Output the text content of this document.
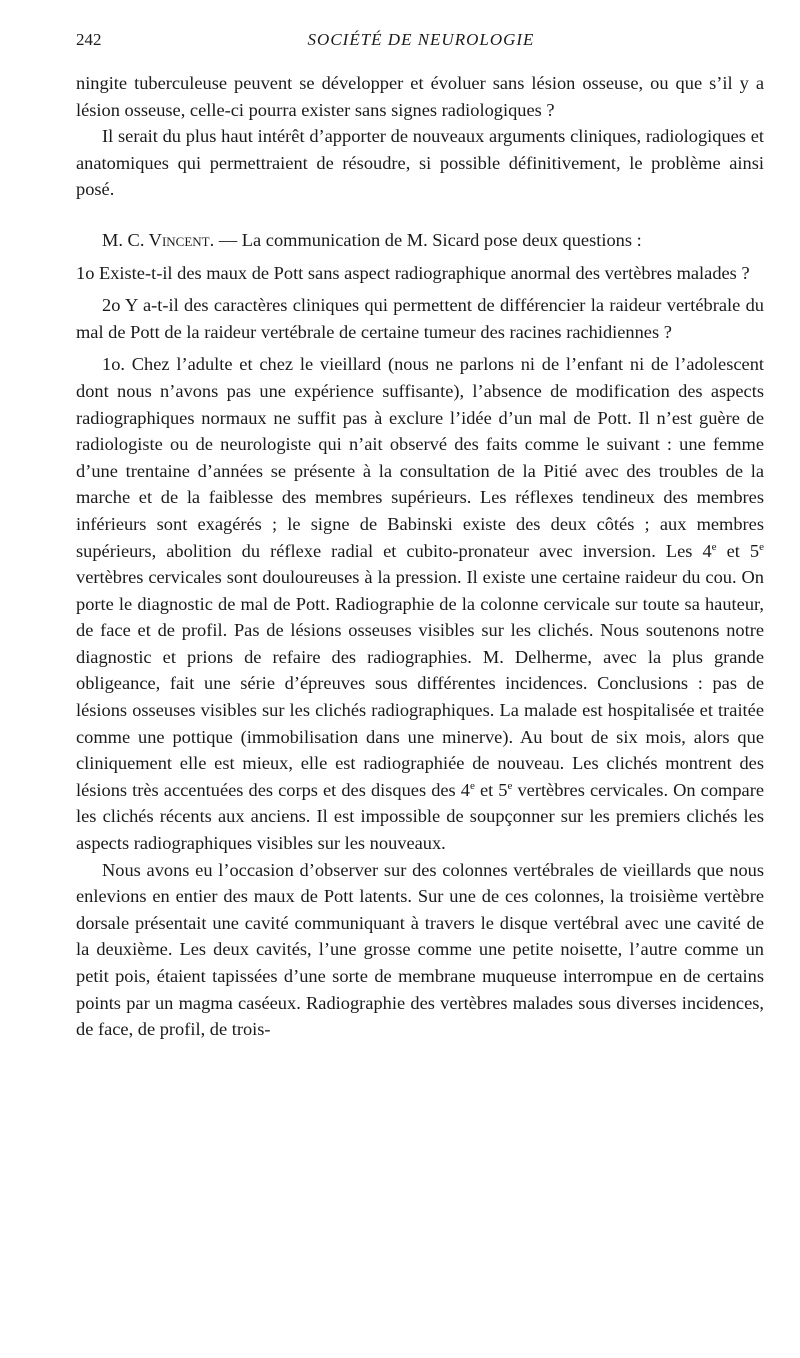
242	SOCIÉTÉ DE NEUROLOGIE

ningite tuberculeuse peuvent se développer et évoluer sans lésion osseuse, ou que s’il y a lésion osseuse, celle-ci pourra exister sans signes radiologiques ?

Il serait du plus haut intérêt d’apporter de nouveaux arguments cliniques, radiologiques et anatomiques qui permettraient de résoudre, si possible définitivement, le problème ainsi posé.

M. C. Vincent. — La communication de M. Sicard pose deux questions :

1o Existe-t-il des maux de Pott sans aspect radiographique anormal des vertèbres malades ?

2o Y a-t-il des caractères cliniques qui permettent de différencier la raideur vertébrale du mal de Pott de la raideur vertébrale de certaine tumeur des racines rachidiennes ?

1o. Chez l’adulte et chez le vieillard (nous ne parlons ni de l’enfant ni de l’adolescent dont nous n’avons pas une expérience suffisante), l’absence de modification des aspects radiographiques normaux ne suffit pas à exclure l’idée d’un mal de Pott. Il n’est guère de radiologiste ou de neurologiste qui n’ait observé des faits comme le suivant : une femme d’une trentaine d’années se présente à la consultation de la Pitié avec des troubles de la marche et de la faiblesse des membres supérieurs. Les réflexes tendineux des membres inférieurs sont exagérés ; le signe de Babinski existe des deux côtés ; aux membres supérieurs, abolition du réflexe radial et cubito-pronateur avec inversion. Les 4e et 5e vertèbres cervicales sont douloureuses à la pression. Il existe une certaine raideur du cou. On porte le diagnostic de mal de Pott. Radiographie de la colonne cervicale sur toute sa hauteur, de face et de profil. Pas de lésions osseuses visibles sur les clichés. Nous soutenons notre diagnostic et prions de refaire des radiographies. M. Delherme, avec la plus grande obligeance, fait une série d’épreuves sous différentes incidences. Conclusions : pas de lésions osseuses visibles sur les clichés radiographiques. La malade est hospitalisée et traitée comme une pottique (immobilisation dans une minerve). Au bout de six mois, alors que cliniquement elle est mieux, elle est radiographiée de nouveau. Les clichés montrent des lésions très accentuées des corps et des disques des 4e et 5e vertèbres cervicales. On compare les clichés récents aux anciens. Il est impossible de soupçonner sur les premiers clichés les aspects radiographiques visibles sur les nouveaux.

Nous avons eu l’occasion d’observer sur des colonnes vertébrales de vieillards que nous enlevions en entier des maux de Pott latents. Sur une de ces colonnes, la troisième vertèbre dorsale présentait une cavité communiquant à travers le disque vertébral avec une cavité de la deuxième. Les deux cavités, l’une grosse comme une petite noisette, l’autre comme un petit pois, étaient tapissées d’une sorte de membrane muqueuse interrompue en de certains points par un magma caséeux. Radiographie des vertèbres malades sous diverses incidences, de face, de profil, de trois-
